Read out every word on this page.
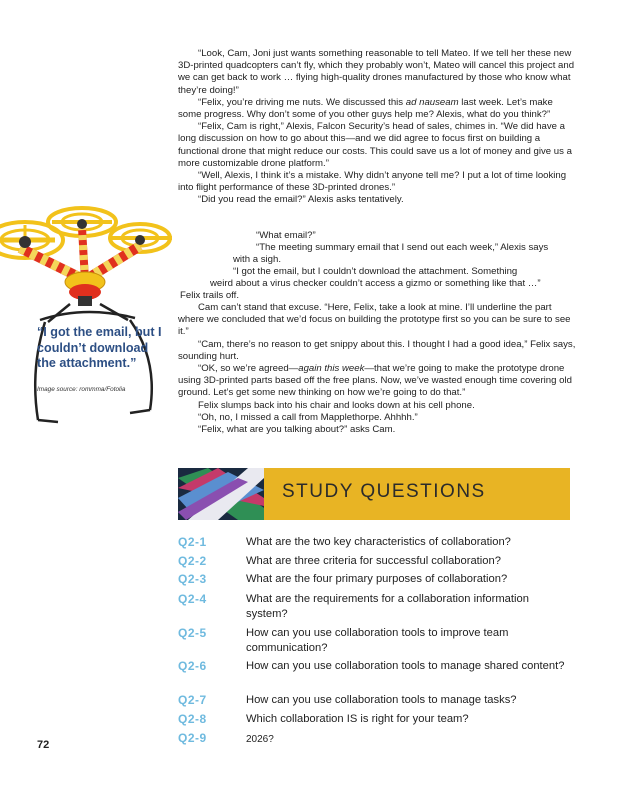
“Look, Cam, Joni just wants something reasonable to tell Mateo. If we tell her these new 3D-printed quadcopters can’t fly, which they probably won’t, Mateo will cancel this project and we can get back to work … flying high-quality drones manufactured by those who know what they’re doing!”

“Felix, you’re driving me nuts. We discussed this ad nauseam last week. Let’s make some progress. Why don’t some of you other guys help me? Alexis, what do you think?”

“Felix, Cam is right,” Alexis, Falcon Security’s head of sales, chimes in. “We did have a long discussion on how to go about this—and we did agree to focus first on building a functional drone that might reduce our costs. This could save us a lot of money and give us a more customizable drone platform.”

“Well, Alexis, I think it’s a mistake. Why didn’t anyone tell me? I put a lot of time looking into flight performance of these 3D-printed drones.”

“Did you read the email?” Alexis asks tentatively.

“What email?”
“The meeting summary email that I send out each week,” Alexis says
with a sigh.
“I got the email, but I couldn’t download the attachment. Something
weird about a virus checker couldn’t access a gizmo or something like that …”
Felix trails off.

Cam can’t stand that excuse. “Here, Felix, take a look at mine. I’ll underline the part where we concluded that we’d focus on building the prototype first so you can be sure to see it.”

“Cam, there’s no reason to get snippy about this. I thought I had a good idea,” Felix says, sounding hurt.

“OK, so we’re agreed—again this week—that we’re going to make the prototype drone using 3D-printed parts based off the free plans. Now, we’ve wasted enough time covering old ground. Let’s get some new thinking on how we’re going to do that.”

Felix slumps back into his chair and looks down at his cell phone.

“Oh, no, I missed a call from Mapplethorpe. Ahhhh.”

“Felix, what are you talking about?” asks Cam.

“I got the email, but I couldn’t download the attachment.”
Image source: rommma/Fotolia
STUDY QUESTIONS
Q2-1	What are the two key characteristics of collaboration?
Q2-2	What are three criteria for successful collaboration?
Q2-3	What are the four primary purposes of collaboration?
Q2-4	What are the requirements for a collaboration information system?
Q2-5	How can you use collaboration tools to improve team communication?
Q2-6	How can you use collaboration tools to manage shared content?
Q2-7	How can you use collaboration tools to manage tasks?
Q2-8	Which collaboration IS is right for your team?
Q2-9	2026?
72
